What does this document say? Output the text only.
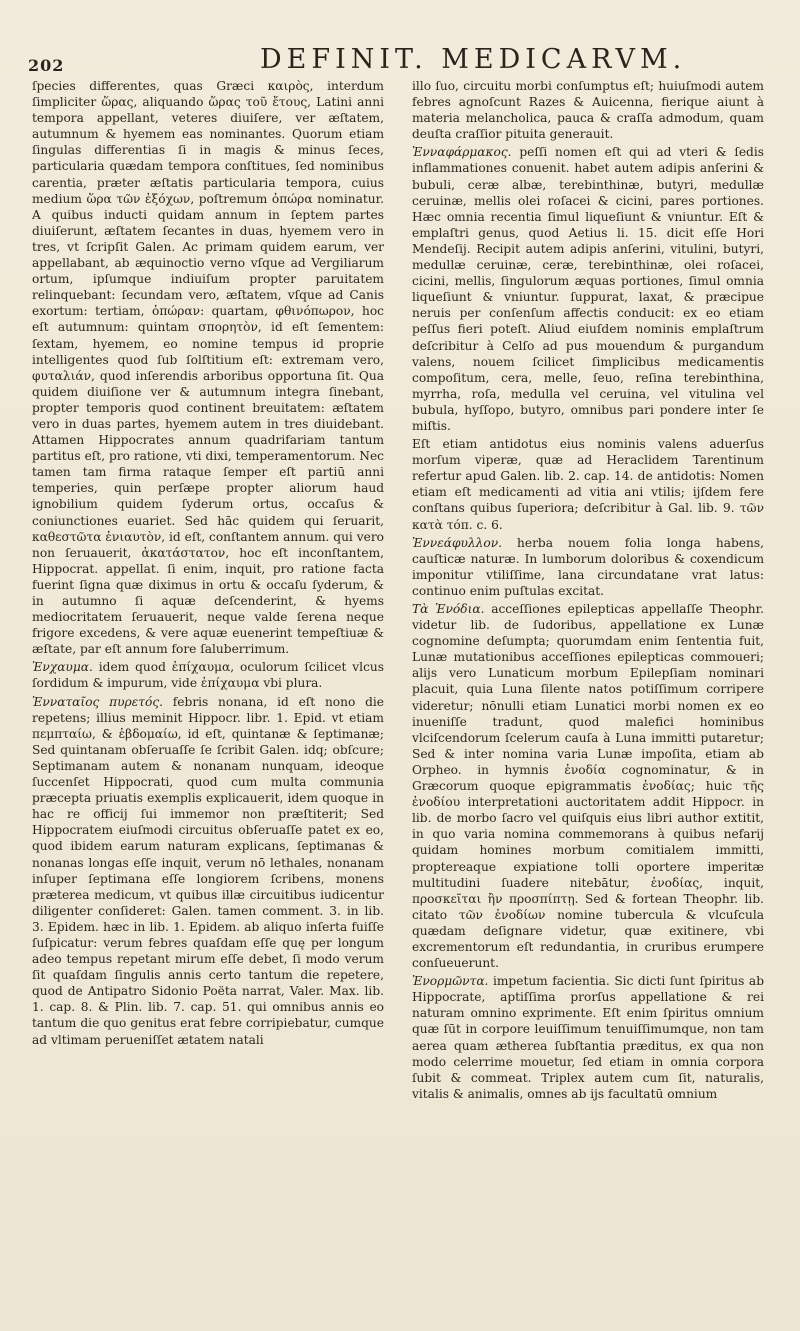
202	DEFINIT. MEDICARVM.

ſpecies differentes, quas Græci καιρὸς, interdum ſimpliciter ὥρας, aliquando ὥρας τοῦ ἔτους, Latini anni tempora appellant, veteres diuiſere, ver æſtatem, autumnum & hyemem eas nominantes. Quorum etiam ſingulas differentias ſi in magis & minus ſeces, particularia quædam tempora conſtitues, ſed nominibus carentia, præter æſtatis particularia tempora, cuius medium ὥρα τῶν ἐξόχων, poſtremum ὀπώρα nominatur. A quibus inducti quidam annum in ſeptem partes diuiſerunt, æſtatem ſecantes in duas, hyemem vero in tres, vt ſcripſit Galen. Ac primam quidem earum, ver appellabant, ab æquinoctio verno vſque ad Vergiliarum ortum, ipſumque indiuiſum propter paruitatem relinquebant: ſecundam vero, æſtatem, vſque ad Canis exortum: tertiam, ὀπώραν: quartam, φθινόπωρον, hoc eſt autumnum: quintam σπορητὸν, id eſt ſementem: ſextam, hyemem, eo nomine tempus id proprie intelligentes quod ſub ſolſtitium eſt: extremam vero, φυταλιάν, quod inſerendis arboribus opportuna ſit. Qua quidem diuiſione ver & autumnum integra ſinebant, propter temporis quod continent breuitatem: æſtatem vero in duas partes, hyemem autem in tres diuidebant. Attamen Hippocrates annum quadrifariam tantum partitus eſt, pro ratione, vti dixi, temperamentorum. Nec tamen tam firma rataque ſemper eſt partiū anni temperies, quin perſæpe propter aliorum haud ignobilium quidem ſyderum ortus, occaſus & coniunctiones euariet. Sed hāc quidem qui ſeruarit, καθεστῶτα ἐνιαυτὸν, id eſt, conſtantem annum. qui vero non ſeruauerit, ἀκατάστατον, hoc eſt inconſtantem, Hippocrat. appellat. ſi enim, inquit, pro ratione facta fuerint ſigna quæ diximus in ortu & occaſu ſyderum, & in autumno ſi aquæ deſcenderint, & hyems mediocritatem ſeruauerit, neque valde ſerena neque frigore excedens, & vere aquæ euenerint tempeſtiuæ & æſtate, par eſt annum fore ſaluberrimum.

Ἐνχαυμα. idem quod ἐπίχαυμα, oculorum ſcilicet vlcus ſordidum & impurum, vide ἐπίχαυμα vbi plura.

Ἐνναταῖος πυρετός. febris nonana, id eſt nono die repetens; illius meminit Hippocr. libr. 1. Epid. vt etiam πεμπταίω, & ἑβδομαίω, id eſt, quintanæ & ſeptimanæ; Sed quintanam obſeruaſſe ſe ſcribit Galen. idq; obſcure; Septimanam autem & nonanam nunquam, ideoque ſuccenſet Hippocrati, quod cum multa communia præcepta priuatis exemplis explicauerit, idem quoque in hac re officij ſui immemor non præſtiterit; Sed Hippocratem eiuſmodi circuitus obſeruaſſe patet ex eo, quod ibidem earum naturam explicans, ſeptimanas & nonanas longas eſſe inquit, verum nō lethales, nonanam inſuper ſeptimana eſſe longiorem ſcribens, monens præterea medicum, vt quibus illæ circuitibus iudicentur diligenter conſideret: Galen. tamen comment. 3. in lib. 3. Epidem. hæc in lib. 1. Epidem. ab aliquo inſerta fuiſſe ſuſpicatur: verum febres quaſdam eſſe quę per longum adeo tempus repetant mirum eſſe debet, ſi modo verum ſit quaſdam ſingulis annis certo tantum die repetere, quod de Antipatro Sidonio Poëta narrat, Valer. Max. lib. 1. cap. 8. & Plin. lib. 7. cap. 51. qui omnibus annis eo tantum die quo genitus erat febre corripiebatur, cumque ad vltimam perueniſſet ætatem natali

illo ſuo, circuitu morbi conſumptus eſt; huiuſmodi autem febres agnoſcunt Razes & Auicenna, fierique aiunt à materia melancholica, pauca & craſſa admodum, quam deuſta craſſior pituita generauit.

Ἐνναφάρμακος. peſſi nomen eſt qui ad vteri & ſedis inflammationes conuenit. habet autem adipis anſerini & bubuli, ceræ albæ, terebinthinæ, butyri, medullæ ceruinæ, mellis olei roſacei & cicini, pares portiones. Hæc omnia recentia ſimul liqueſiunt & vniuntur. Eſt & emplaſtri genus, quod Aetius li. 15. dicit eſſe Hori Mendeſij. Recipit autem adipis anſerini, vitulini, butyri, medullæ ceruinæ, ceræ, terebinthinæ, olei roſacei, cicini, mellis, ſingulorum æquas portiones, ſimul omnia liqueſiunt & vniuntur. ſuppurat, laxat, & præcipue neruis per conſenſum affectis conducit: ex eo etiam peſſus fieri poteſt. Aliud eiuſdem nominis emplaſtrum deſcribitur à Celſo ad pus mouendum & purgandum valens, nouem ſcilicet ſimplicibus medicamentis compoſitum, cera, melle, ſeuo, reſina terebinthina, myrrha, roſa, medulla vel ceruina, vel vitulina vel bubula, hyſſopo, butyro, omnibus pari pondere inter ſe miſtis.

Eſt etiam antidotus eius nominis valens aduerſus morſum viperæ, quæ ad Heraclidem Tarentinum refertur apud Galen. lib. 2. cap. 14. de antidotis: Nomen etiam eſt medicamenti ad vitia ani vtilis; ijſdem fere conſtans quibus ſuperiora; deſcribitur à Gal. lib. 9. τῶν κατὰ τόπ. c. 6.

Ἐννεάφυλλον. herba nouem folia longa habens, cauſticæ naturæ. In lumborum doloribus & coxendicum imponitur vtiliſſime, lana circundatane vrat latus: continuo enim puſtulas excitat.

Τὰ Ἐνόδια. acceſſiones epilepticas appellaſſe Theophr. videtur lib. de ſudoribus, appellatione ex Lunæ cognomine deſumpta; quorumdam enim ſententia fuit, Lunæ mutationibus acceſſiones epilepticas commoueri; alijs vero Lunaticum morbum Epilepſiam nominari placuit, quia Luna ſilente natos potiſſimum corripere videretur; nōnulli etiam Lunatici morbi nomen ex eo inueniſſe tradunt, quod malefici hominibus vlciſcendorum ſcelerum cauſa à Luna immitti putaretur; Sed & inter nomina varia Lunæ impoſita, etiam ab Orpheo. in hymnis ἐνοδία cognominatur, & in Græcorum quoque epigrammatis ἐνοδίας; huic τῆς ἐνοδίου interpretationi auctoritatem addit Hippocr. in lib. de morbo ſacro vel quiſquis eius libri author extitit, in quo varia nomina commemorans à quibus nefarij quidam homines morbum comitialem immitti, proptereaque expiatione tolli oportere imperitæ multitudini ſuadere nitebātur, ἐνοδίας, inquit, προσκεῖται ἢν προσπίπτῃ. Sed & fortean Theophr. lib. citato τῶν ἐνοδίων nomine tubercula & vlcuſcula quædam deſignare videtur, quæ exitinere, vbi excrementorum eſt redundantia, in cruribus erumpere conſueuerunt.

Ἐνορμῶντα. impetum facientia. Sic dicti ſunt ſpiritus ab Hippocrate, aptiſſima prorſus appellatione & rei naturam omnino exprimente. Eſt enim ſpiritus omnium quæ ſūt in corpore leuiſſimum tenuiſſimumque, non tam aerea quam ætherea ſubſtantia præditus, ex qua non modo celerrime mouetur, ſed etiam in omnia corpora ſubit & commeat. Triplex autem cum ſit, naturalis, vitalis & animalis, omnes ab ijs facultatū omnium
